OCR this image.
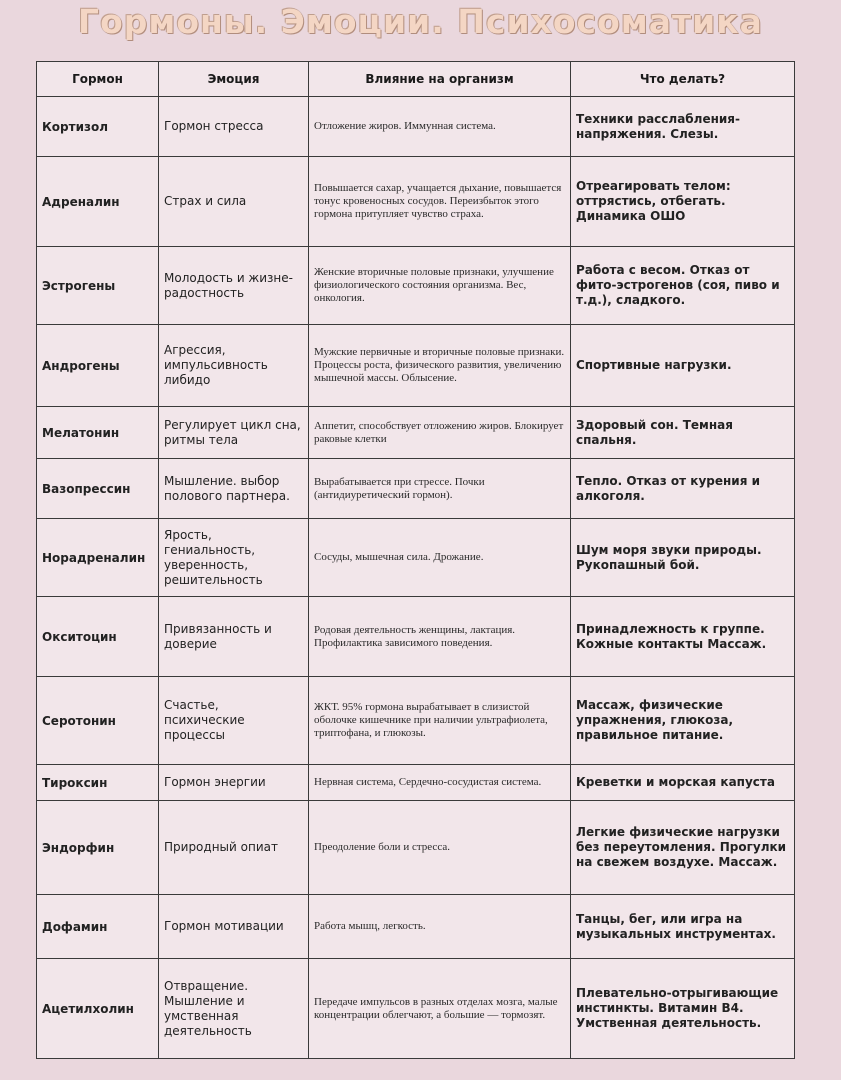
Гормоны. Эмоции. Психосоматика
Гормон	Эмоция	Влияние на организм	Что делать?
Кортизол	Гормон стресса	Отложение жиров. Иммунная система.	Техники расслабления-напряжения. Слезы.
Адреналин	Страх и сила	Повышается сахар, учащается дыхание, повышается тонус кровеносных сосудов. Переизбыток этого гормона притупляет чувство страха.	Отреагировать телом: оттрястись, отбегать. Динамика ОШО
Эстрогены	Молодость и жизне-радостность	Женские вторичные половые признаки, улучшение физиологического состояния организма. Вес, онкология.	Работа с весом. Отказ от фито-эстрогенов (соя, пиво и т.д.), сладкого.
Андрогены	Агрессия, импульсивность либидо	Мужские первичные и вторичные половые признаки. Процессы роста, физического развития, увеличению мышечной массы. Облысение.	Спортивные нагрузки.
Мелатонин	Регулирует цикл сна, ритмы тела	Аппетит, способствует отложению жиров. Блокирует раковые клетки	Здоровый сон. Темная спальня.
Вазопрессин	Мышление. выбор полового партнера.	Вырабатывается при стрессе. Почки (антидиуретический гормон).	Тепло. Отказ от курения и алкоголя.
Норадреналин	Ярость, гениальность, уверенность, решительность	Сосуды, мышечная сила. Дрожание.	Шум моря звуки природы. Рукопашный бой.
Окситоцин	Привязанность и доверие	Родовая деятельность женщины, лактация. Профилактика зависимого поведения.	Принадлежность к группе. Кожные контакты Массаж.
Серотонин	Счастье, психические процессы	ЖКТ. 95% гормона вырабатывает в слизистой оболочке кишечнике при наличии ультрафиолета, триптофана, и глюкозы.	Массаж, физические упражнения, глюкоза, правильное питание.
Тироксин	Гормон энергии	Нервная система, Сердечно-сосудистая система.	Креветки и морская капуста
Эндорфин	Природный опиат	Преодоление боли и стресса.	Легкие физические нагрузки без переутомления. Прогулки на свежем воздухе. Массаж.
Дофамин	Гормон мотивации	Работа мышц, легкость.	Танцы, бег, или игра на музыкальных инструментах.
Ацетилхолин	Отвращение. Мышление и умственная деятельность	Передаче импульсов в разных отделах мозга, малые концентрации облегчают, а большие — тормозят.	Плевательно-отрыгивающие инстинкты. Витамин B4. Умственная деятельность.
